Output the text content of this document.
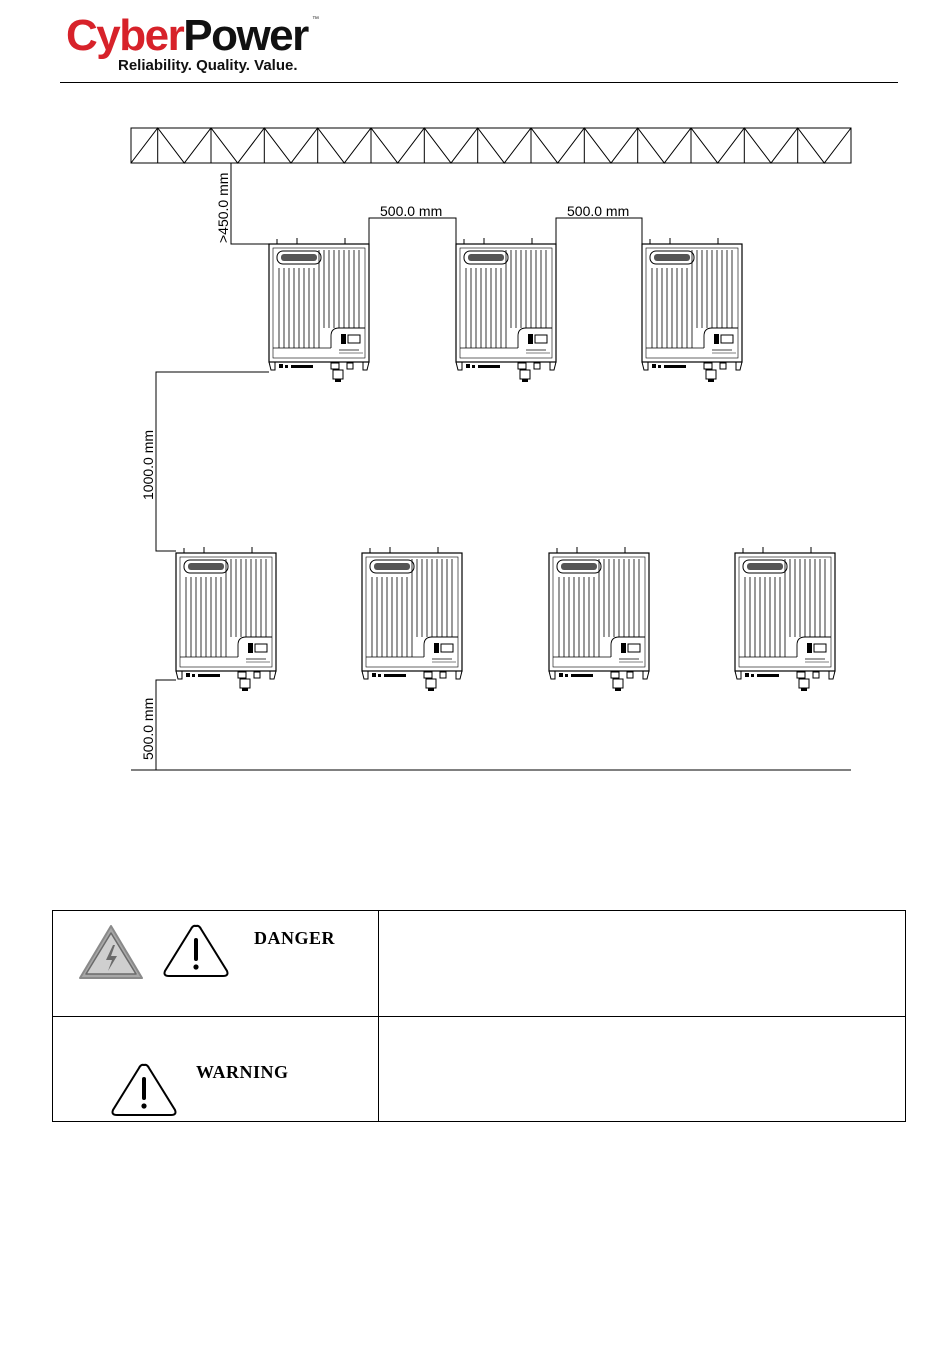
CyberPower ™
Reliability. Quality. Value.
>450.0 mm	500.0 mm	500.0 mm
1000.0 mm
500.0 mm
DANGER	

WARNING	
